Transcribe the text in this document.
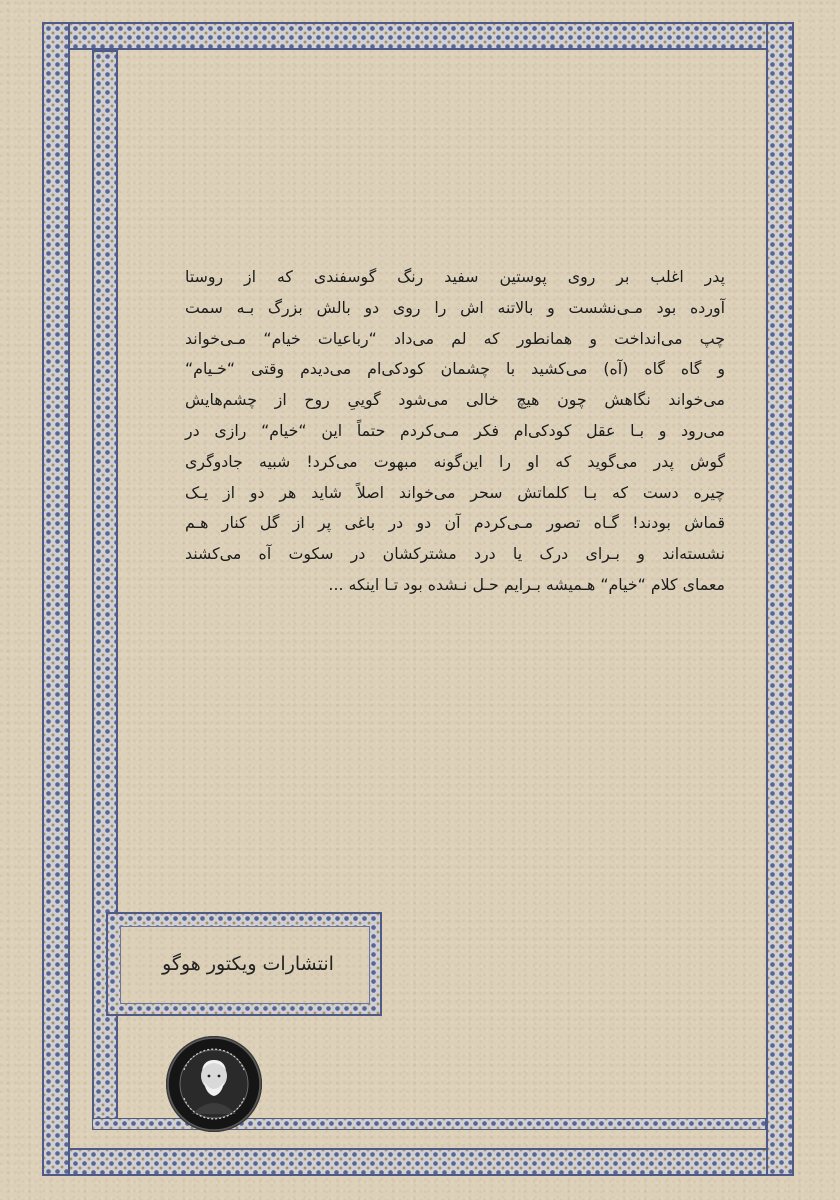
پدر اغلب بر روی پوستین سفید رنگ گوسفندی که از روستا
آورده بود مـی‌نشست و بالاتنه اش را روی دو بالش بزرگ بـه سمت
چپ می‌انداخت و همانطور که لم می‌داد “رباعیات خیام“ مـی‌خواند
و گاه گاه (آه) می‌کشید با چشمان کودکی‌ام می‌دیدم وقتی “خـیام“
می‌خواند نگاهش چون هیچ خالی می‌شود گوییِ روح از چشم‌هایش
می‌رود و بـا عقل کودکی‌ام فکر مـی‌کردم حتماً این “خیام“ رازی در
گوش پدر می‌گوید که او را این‌گونه مبهوت می‌کرد! شبیه جادوگری
چیره دست که بـا کلماتش سحر می‌خواند اصلاً شاید هر دو از یـک
قماش بودند! گـاه تصور مـی‌کردم آن دو در باغی پر از گل کنار هـم
نشسته‌اند و بـرای درک یا درد مشترکشان در سکوت آه می‌کشند
معمای کلام “خیام“ هـمیشه بـرایم حـل نـشده بود تـا اینکه ...
انتشارات ویکتور هوگو
